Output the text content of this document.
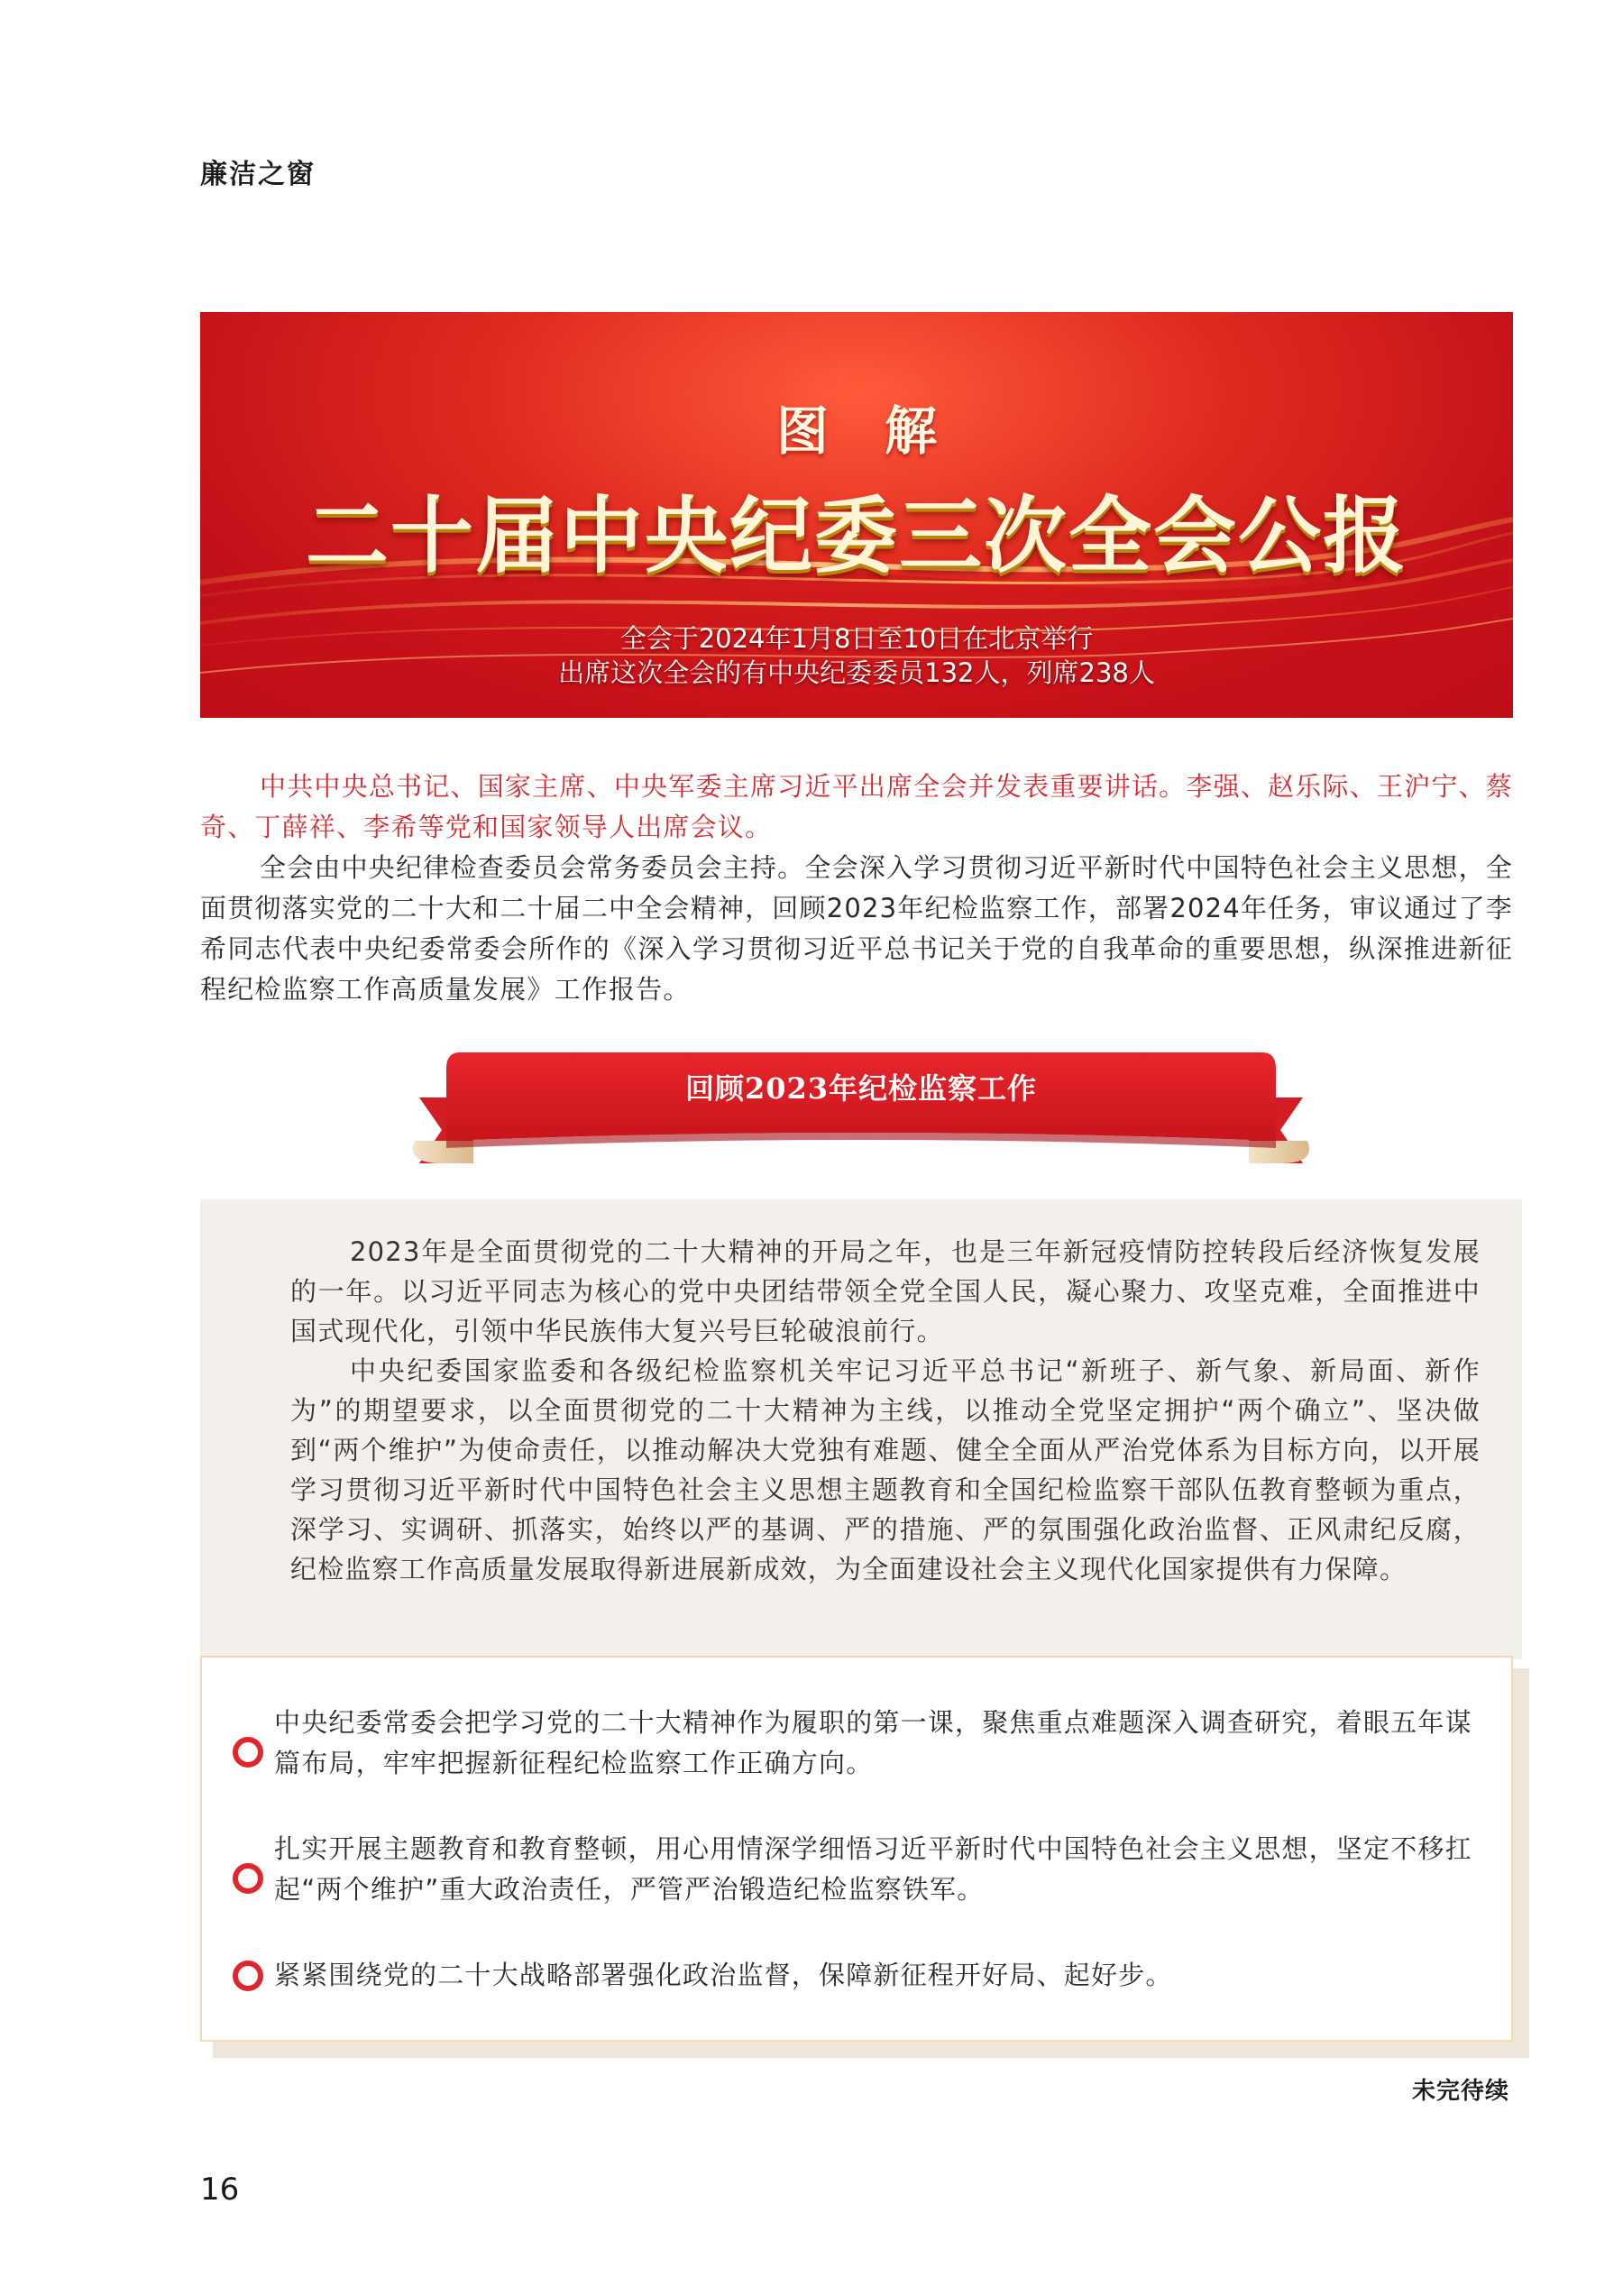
廉洁之窗
图解
二十届中央纪委三次全会公报
全会于2024年1月8日至10日在北京举行
出席这次全会的有中央纪委委员132人，列席238人
中共中央总书记、国家主席、中央军委主席习近平出席全会并发表重要讲话。李强、赵乐际、王沪宁、蔡奇、丁薛祥、李希等党和国家领导人出席会议。
全会由中央纪律检查委员会常务委员会主持。全会深入学习贯彻习近平新时代中国特色社会主义思想，全面贯彻落实党的二十大和二十届二中全会精神，回顾2023年纪检监察工作，部署2024年任务，审议通过了李希同志代表中央纪委常委会所作的《深入学习贯彻习近平总书记关于党的自我革命的重要思想，纵深推进新征程纪检监察工作高质量发展》工作报告。
回顾2023年纪检监察工作

2023年是全面贯彻党的二十大精神的开局之年，也是三年新冠疫情防控转段后经济恢复发展的一年。以习近平同志为核心的党中央团结带领全党全国人民，凝心聚力、攻坚克难，全面推进中国式现代化，引领中华民族伟大复兴号巨轮破浪前行。

中央纪委国家监委和各级纪检监察机关牢记习近平总书记“新班子、新气象、新局面、新作为”的期望要求，以全面贯彻党的二十大精神为主线，以推动全党坚定拥护“两个确立”、坚决做到“两个维护”为使命责任，以推动解决大党独有难题、健全全面从严治党体系为目标方向，以开展学习贯彻习近平新时代中国特色社会主义思想主题教育和全国纪检监察干部队伍教育整顿为重点，深学习、实调研、抓落实，始终以严的基调、严的措施、严的氛围强化政治监督、正风肃纪反腐，纪检监察工作高质量发展取得新进展新成效，为全面建设社会主义现代化国家提供有力保障。

中央纪委常委会把学习党的二十大精神作为履职的第一课，聚焦重点难题深入调查研究，着眼五年谋篇布局，牢牢把握新征程纪检监察工作正确方向。
扎实开展主题教育和教育整顿，用心用情深学细悟习近平新时代中国特色社会主义思想，坚定不移扛起“两个维护”重大政治责任，严管严治锻造纪检监察铁军。
紧紧围绕党的二十大战略部署强化政治监督，保障新征程开好局、起好步。
未完待续
16
